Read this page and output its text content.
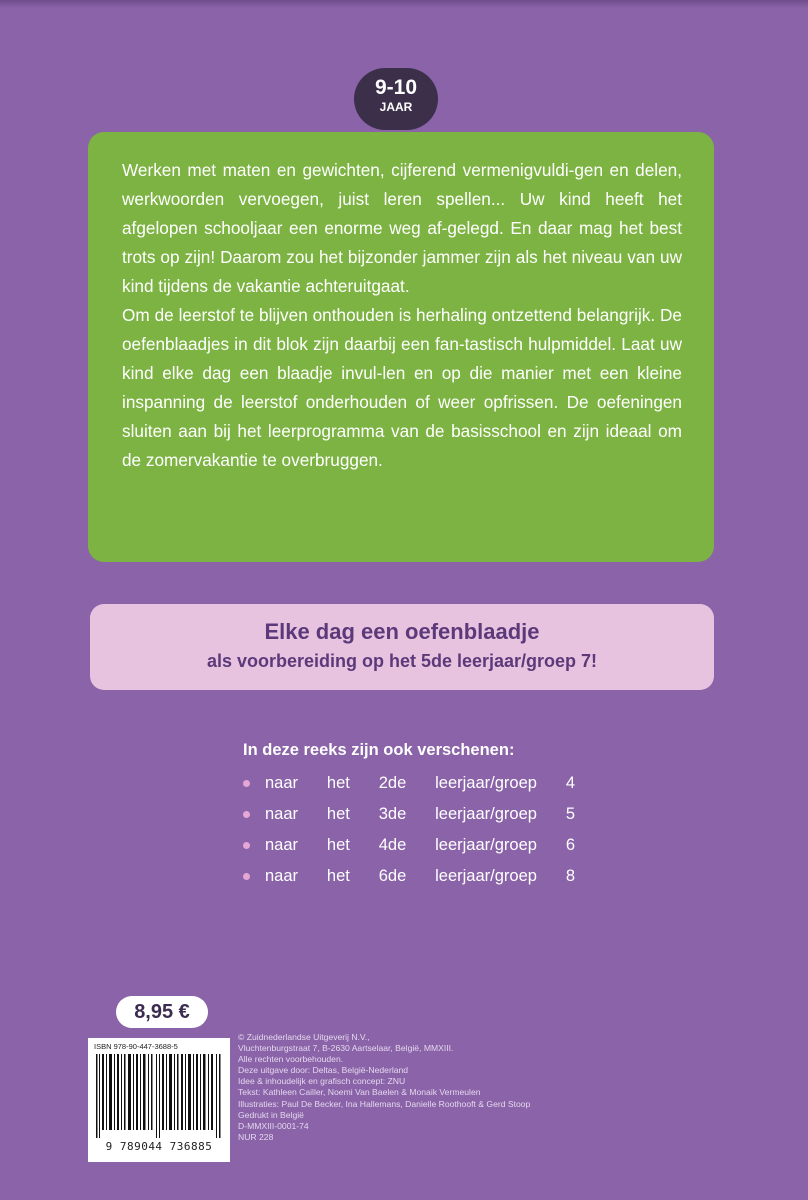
9-10
JAAR

Werken met maten en gewichten, cijferend vermenigvuldi-gen en delen, werkwoorden vervoegen, juist leren spellen... Uw kind heeft het afgelopen schooljaar een enorme weg af-gelegd. En daar mag het best trots op zijn! Daarom zou het bijzonder jammer zijn als het niveau van uw kind tijdens de vakantie achteruitgaat.

Om de leerstof te blijven onthouden is herhaling ontzettend belangrijk. De oefenblaadjes in dit blok zijn daarbij een fan-tastisch hulpmiddel. Laat uw kind elke dag een blaadje invul-len en op die manier met een kleine inspanning de leerstof onderhouden of weer opfrissen. De oefeningen sluiten aan bij het leerprogramma van de basisschool en zijn ideaal om de zomervakantie te overbruggen.

Elke dag een oefenblaadje
als voorbereiding op het 5de leerjaar/groep 7!
In deze reeks zijn ook verschenen:
naar het 2de leerjaar/groep 4
naar het 3de leerjaar/groep 5
naar het 4de leerjaar/groep 6
naar het 6de leerjaar/groep 8
8,95 €
ISBN 978-90-447-3688-5
9 789044 736885
© Zuidnederlandse Uitgeverij N.V.,
Vluchtenburgstraat 7, B-2630 Aartselaar, België, MMXIII.
Alle rechten voorbehouden.
Deze uitgave door: Deltas, België-Nederland
Idee & inhoudelijk en grafisch concept: ZNU
Tekst: Kathleen Cailler, Noemi Van Baelen & Monaik Vermeulen
Illustraties: Paul De Becker, Ina Hallemans, Danielle Roothooft & Gerd Stoop
Gedrukt in België
D-MMXIII-0001-74
NUR 228
